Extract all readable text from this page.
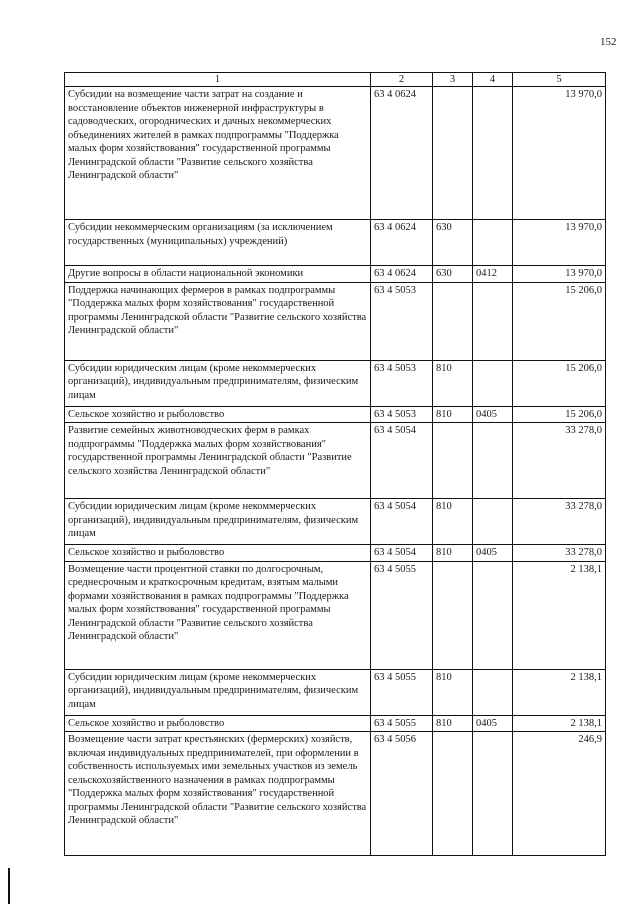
152
1	2	3	4	5
Субсидии на возмещение части затрат на создание и восстановление объектов инженерной инфраструктуры в садоводческих, огороднических и дачных некоммерческих объединениях жителей в рамках подпрограммы "Поддержка малых форм хозяйствования" государственной программы Ленинградской области "Развитие сельского хозяйства Ленинградской области"	63 4 0624			13 970,0
Субсидии некоммерческим организациям (за исключением государственных (муниципальных) учреждений)	63 4 0624	630		13 970,0
Другие вопросы в области национальной экономики	63 4 0624	630	0412	13 970,0
Поддержка начинающих фермеров в рамках подпрограммы "Поддержка малых форм хозяйствования" государственной программы Ленинградской области "Развитие сельского хозяйства Ленинградской области"	63 4 5053			15 206,0
Субсидии юридическим лицам (кроме некоммерческих организаций), индивидуальным предпринимателям, физическим лицам	63 4 5053	810		15 206,0
Сельское хозяйство и рыболовство	63 4 5053	810	0405	15 206,0
Развитие семейных животноводческих ферм в рамках подпрограммы "Поддержка малых форм хозяйствования" государственной программы Ленинградской области "Развитие сельского хозяйства Ленинградской области"	63 4 5054			33 278,0
Субсидии юридическим лицам (кроме некоммерческих организаций), индивидуальным предпринимателям, физическим лицам	63 4 5054	810		33 278,0
Сельское хозяйство и рыболовство	63 4 5054	810	0405	33 278,0
Возмещение части процентной ставки по долгосрочным, среднесрочным и краткосрочным кредитам, взятым малыми формами хозяйствования в рамках подпрограммы "Поддержка малых форм хозяйствования" государственной программы Ленинградской области "Развитие сельского хозяйства Ленинградской области"	63 4 5055			2 138,1
Субсидии юридическим лицам (кроме некоммерческих организаций), индивидуальным предпринимателям, физическим лицам	63 4 5055	810		2 138,1
Сельское хозяйство и рыболовство	63 4 5055	810	0405	2 138,1
Возмещение части затрат крестьянских (фермерских) хозяйств, включая индивидуальных предпринимателей, при оформлении в собственность используемых ими земельных участков из земель сельскохозяйственного назначения в рамках подпрограммы "Поддержка малых форм хозяйствования" государственной программы Ленинградской области "Развитие сельского хозяйства Ленинградской области"	63 4 5056			246,9
